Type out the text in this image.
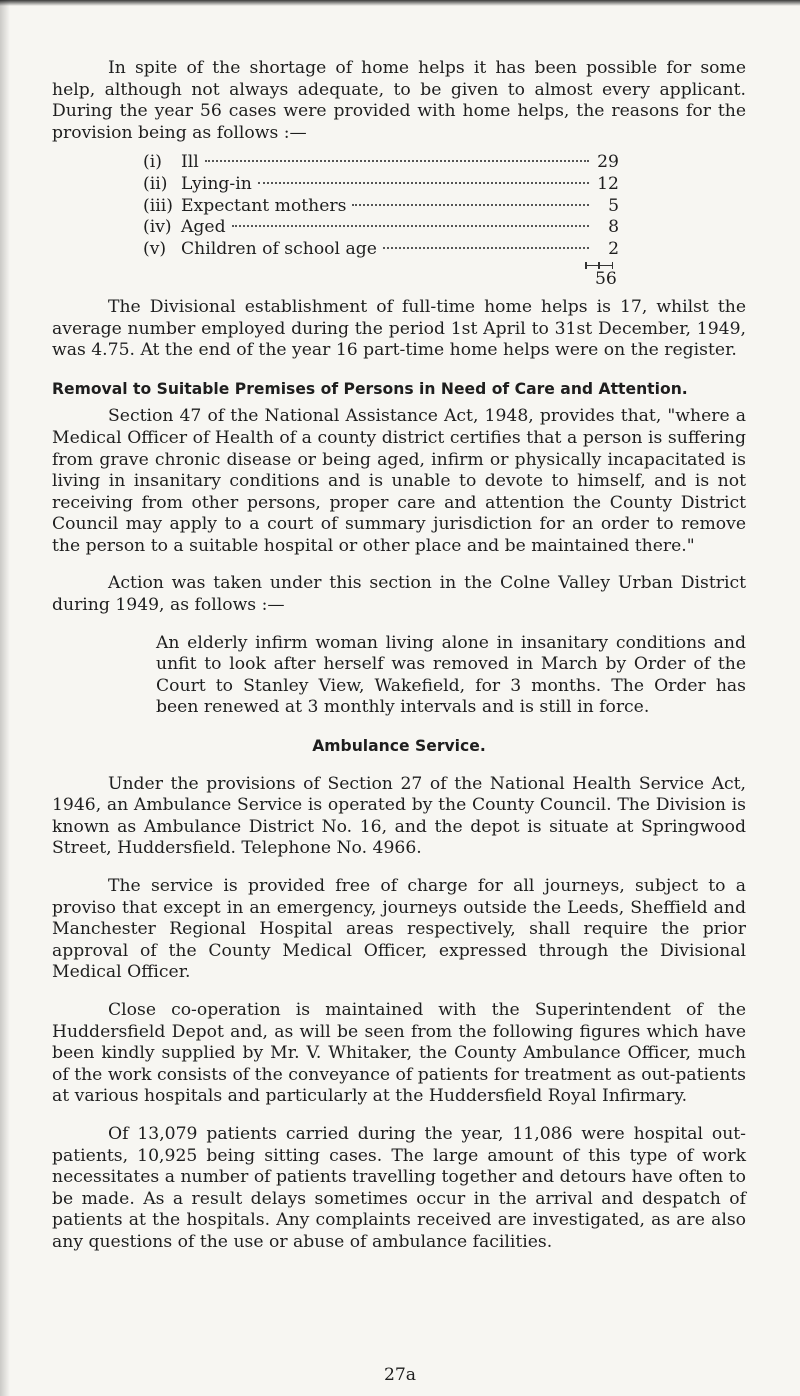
In spite of the shortage of home helps it has been possible for some help, although not always adequate, to be given to almost every applicant. During the year 56 cases were provided with home helps, the reasons for the provision being as follows :—

(i)	Ill	29
(ii) Lying-in	12
(iii) Expectant mothers	5
(iv) Aged	8
(v) Children of school age	2
56

The Divisional establishment of full-time home helps is 17, whilst the average number employed during the period 1st April to 31st December, 1949, was 4.75. At the end of the year 16 part-time home helps were on the register.

Removal to Suitable Premises of Persons in Need of Care and Attention.

Section 47 of the National Assistance Act, 1948, provides that, "where a Medical Officer of Health of a county district certifies that a person is suffering from grave chronic disease or being aged, infirm or physically incapacitated is living in insanitary conditions and is unable to devote to himself, and is not receiving from other persons, proper care and attention the County District Council may apply to a court of summary jurisdiction for an order to remove the person to a suitable hospital or other place and be maintained there."

Action was taken under this section in the Colne Valley Urban District during 1949, as follows :—

An elderly infirm woman living alone in insanitary conditions and unfit to look after herself was removed in March by Order of the Court to Stanley View, Wakefield, for 3 months. The Order has been renewed at 3 monthly intervals and is still in force.

Ambulance Service.

Under the provisions of Section 27 of the National Health Service Act, 1946, an Ambulance Service is operated by the County Council. The Division is known as Ambulance District No. 16, and the depot is situate at Springwood Street, Huddersfield. Telephone No. 4966.

The service is provided free of charge for all journeys, subject to a proviso that except in an emergency, journeys outside the Leeds, Sheffield and Manchester Regional Hospital areas respectively, shall require the prior approval of the County Medical Officer, expressed through the Divisional Medical Officer.

Close co-operation is maintained with the Superintendent of the Huddersfield Depot and, as will be seen from the following figures which have been kindly supplied by Mr. V. Whitaker, the County Ambulance Officer, much of the work consists of the conveyance of patients for treatment as out-patients at various hospitals and particularly at the Huddersfield Royal Infirmary.

Of 13,079 patients carried during the year, 11,086 were hospital out-patients, 10,925 being sitting cases. The large amount of this type of work necessitates a number of patients travelling together and detours have often to be made. As a result delays sometimes occur in the arrival and despatch of patients at the hospitals. Any complaints received are investigated, as are also any questions of the use or abuse of ambulance facilities.

27a
